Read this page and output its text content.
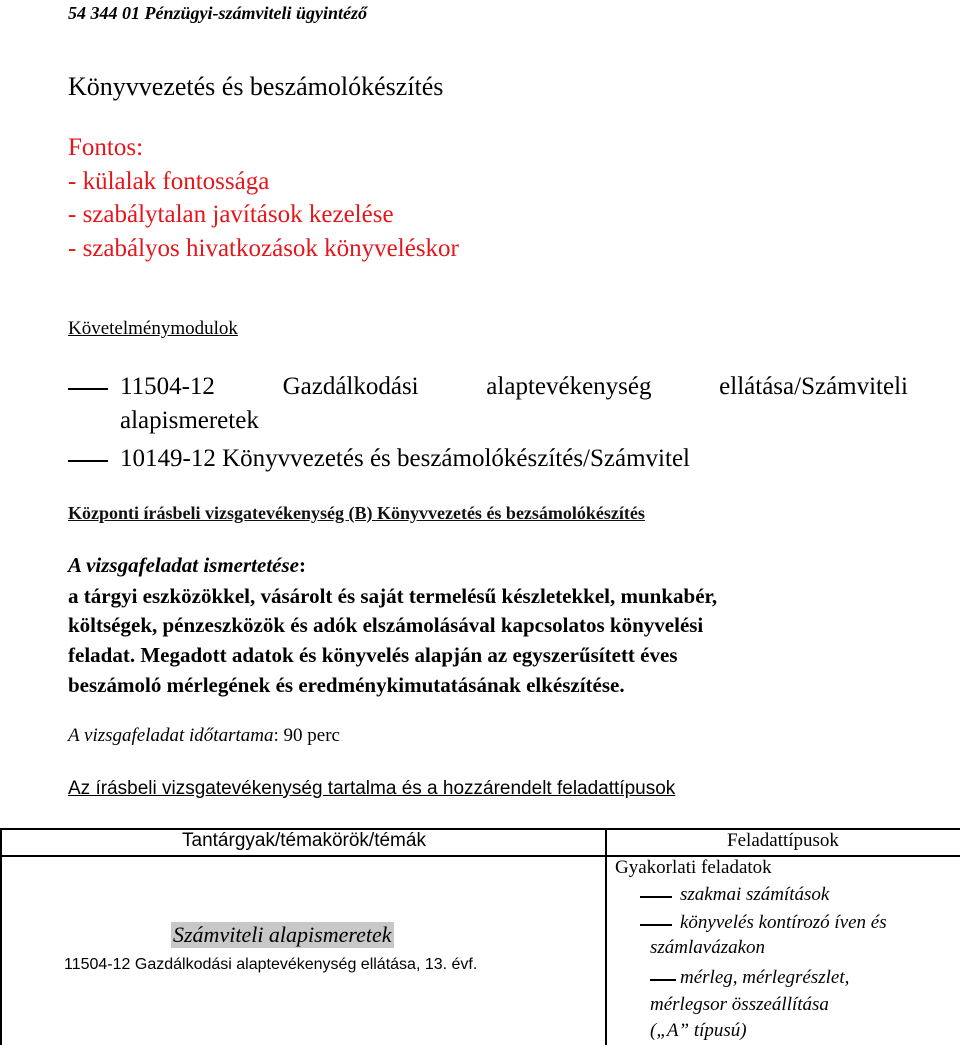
54 344 01 Pénzügyi-számviteli ügyintéző
Könyvvezetés és beszámolókészítés
Fontos:
- külalak fontossága
- szabálytalan javítások kezelése
- szabályos hivatkozások könyveléskor
Követelménymodulok
11504-12 Gazdálkodási alaptevékenység ellátása/Számviteli
alapismeretek
10149-12 Könyvvezetés és beszámolókészítés/Számvitel
Központi írásbeli vizsgatevékenység (B) Könyvvezetés és bezsámolókészítés
A vizsgafeladat ismertetése:
a tárgyi eszközökkel, vásárolt és saját termelésű készletekkel, munkabér,
költségek, pénzeszközök és adók elszámolásával kapcsolatos könyvelési
feladat. Megadott adatok és könyvelés alapján az egyszerűsített éves
beszámoló mérlegének és eredménykimutatásának elkészítése.
A vizsgafeladat időtartama: 90 perc
Az írásbeli vizsgatevékenység tartalma és a hozzárendelt feladattípusok
Tantárgyak/témakörök/témák	Feladattípusok
Számviteli alapismeretek
11504-12 Gazdálkodási alaptevékenység ellátása, 13. évf.
Gyakorlati feladatok
szakmai számítások
könyvelés kontírozó íven és
számlavázakon
mérleg, mérlegrészlet,
mérlegsor összeállítása
(„A” típusú)
